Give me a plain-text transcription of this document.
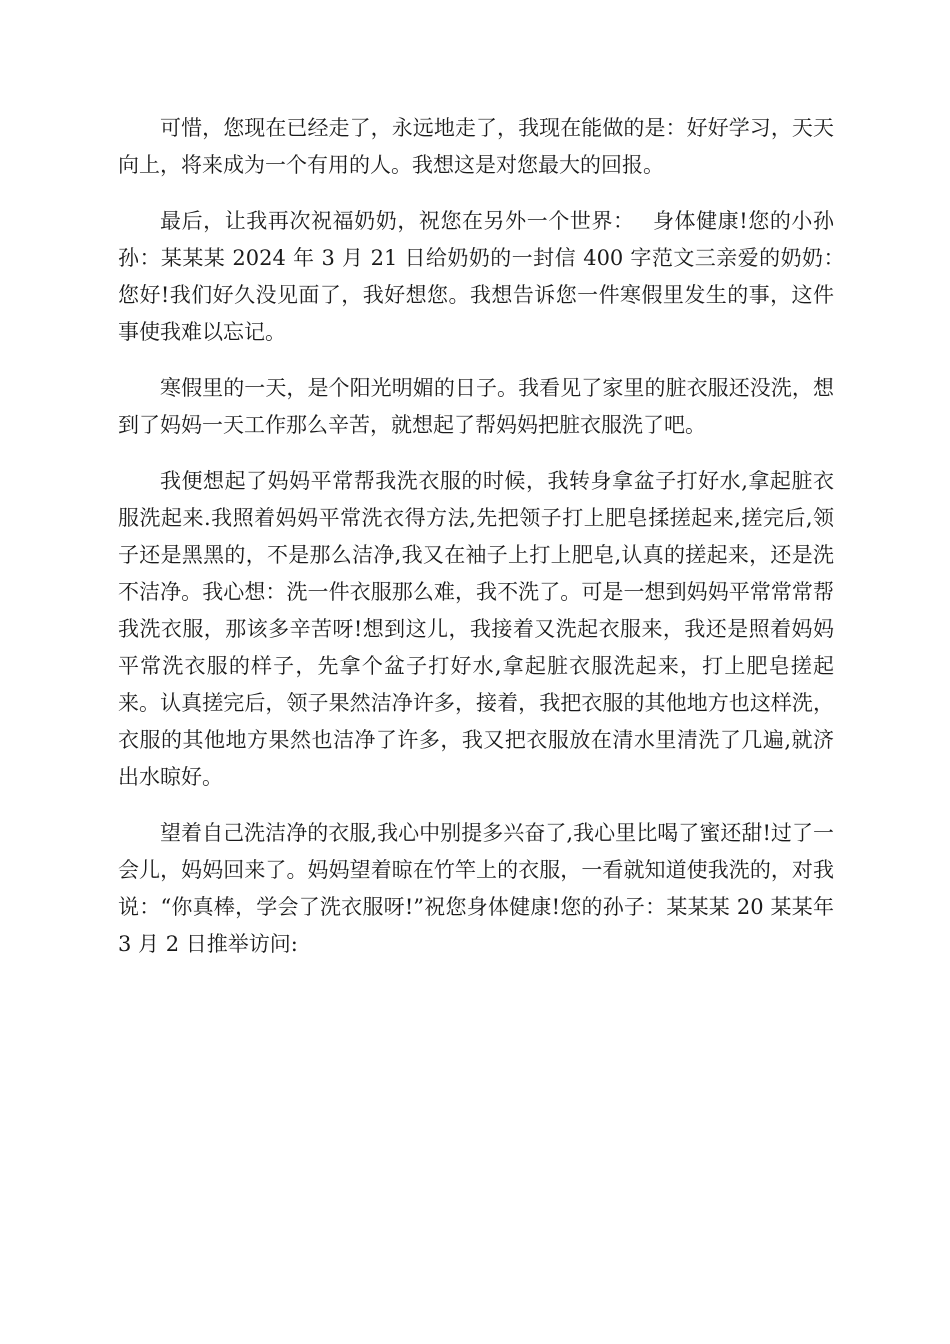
可惜，您现在已经走了，永远地走了，我现在能做的是：好好学习，天天向上，将来成为一个有用的人。我想这是对您最大的回报。

最后，让我再次祝福奶奶，祝您在另外一个世界：　 身体健康!您的小孙孙：某某某 2024 年 3 月 21 日给奶奶的一封信 400 字范文三亲爱的奶奶：　 您好!我们好久没见面了，我好想您。我想告诉您一件寒假里发生的事，这件事使我难以忘记。

寒假里的一天，是个阳光明媚的日子。我看见了家里的脏衣服还没洗，想到了妈妈一天工作那么辛苦，就想起了帮妈妈把脏衣服洗了吧。

我便想起了妈妈平常帮我洗衣服的时候，我转身拿盆子打好水,拿起脏衣服洗起来.我照着妈妈平常洗衣得方法,先把领子打上肥皂揉搓起来,搓完后,领子还是黑黑的，不是那么洁净,我又在袖子上打上肥皂,认真的搓起来，还是洗不洁净。我心想：洗一件衣服那么难，我不洗了。可是一想到妈妈平常常常帮我洗衣服，那该多辛苦呀!想到这儿，我接着又洗起衣服来，我还是照着妈妈平常洗衣服的样子，先拿个盆子打好水,拿起脏衣服洗起来，打上肥皂搓起来。认真搓完后，领子果然洁净许多，接着，我把衣服的其他地方也这样洗，衣服的其他地方果然也洁净了许多，我又把衣服放在清水里清洗了几遍,就济出水晾好。

望着自己洗洁净的衣服,我心中别提多兴奋了,我心里比喝了蜜还甜!过了一会儿，妈妈回来了。妈妈望着晾在竹竿上的衣服，一看就知道使我洗的，对我说：“你真棒，学会了洗衣服呀!”祝您身体健康!您的孙子：某某某 20 某某年 3 月 2 日推举访问:
